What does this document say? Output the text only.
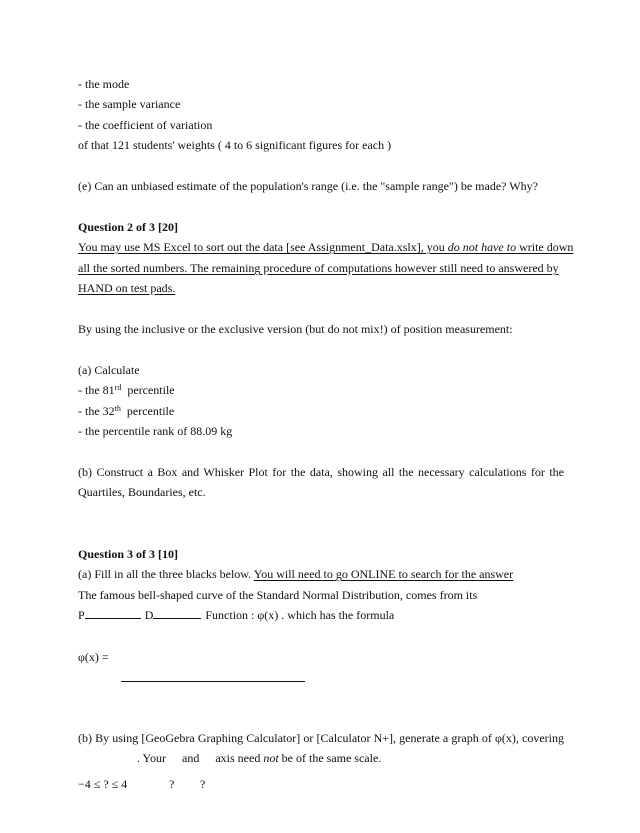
- the mode
- the sample variance
- the coefficient of variation
of that 121 students' weights ( 4 to 6 significant figures for each )
(e) Can an unbiased estimate of the population's range (i.e. the "sample range") be made? Why?
Question 2 of 3 [20]
You may use MS Excel to sort out the data [see Assignment_Data.xslx], you do not have to write down
all the sorted numbers. The remaining procedure of computations however still need to answered by
HAND on test pads.
By using the inclusive or the exclusive version (but do not mix!) of position measurement:
(a) Calculate
- the 81rd  percentile
- the 32th  percentile
- the percentile rank of 88.09 kg
(b) Construct a Box and Whisker Plot for the data, showing all the necessary calculations for the
Quartiles, Boundaries, etc.
Question 3 of 3 [10]
(a) Fill in all the three blacks below. You will need to go ONLINE to search for the answer
The famous bell-shaped curve of the Standard Normal Distribution, comes from its
P	D	Function : φ(x) . which has the formula
φ(x) =
(b) By using [GeoGebra Graphing Calculator] or [Calculator N+], generate a graph of φ(x), covering
. Your and axis need not be of the same scale.
−4 ≤ ? ≤ 4	? ?
